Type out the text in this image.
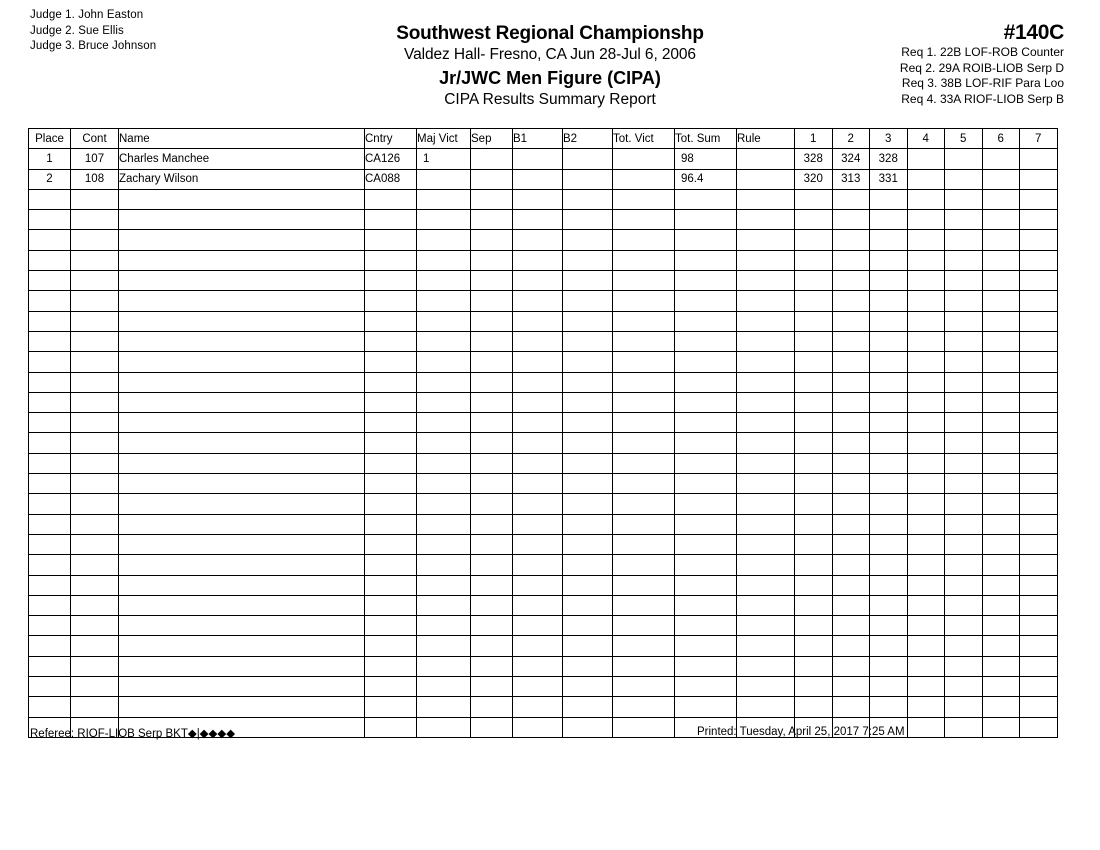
Judge 1. John Easton
Judge 2. Sue Ellis
Judge 3. Bruce Johnson
Southwest Regional Championshp
Valdez Hall- Fresno, CA Jun 28-Jul 6, 2006
Jr/JWC Men Figure (CIPA)
CIPA Results Summary Report
#140C
Req 1. 22B LOF-ROB Counter
Req 2. 29A ROIB-LIOB Serp D
Req 3. 38B LOF-RIF Para Loo
Req 4. 33A RIOF-LIOB Serp B
Place	Cont	Name	Cntry	Maj Vict	Sep	B1	B2	Tot. Vict	Tot. Sum	Rule	1	2	3	4	5	6	7
1	107	Charles Manchee	CA126	1					98		328	324	328				
2	108	Zachary Wilson	CA088						96.4		320	313	331				

Referee: RIOF-LIOB Serp BKT◆|◆◆◆◆	Printed: Tuesday, April 25, 2017 7:25 AM
